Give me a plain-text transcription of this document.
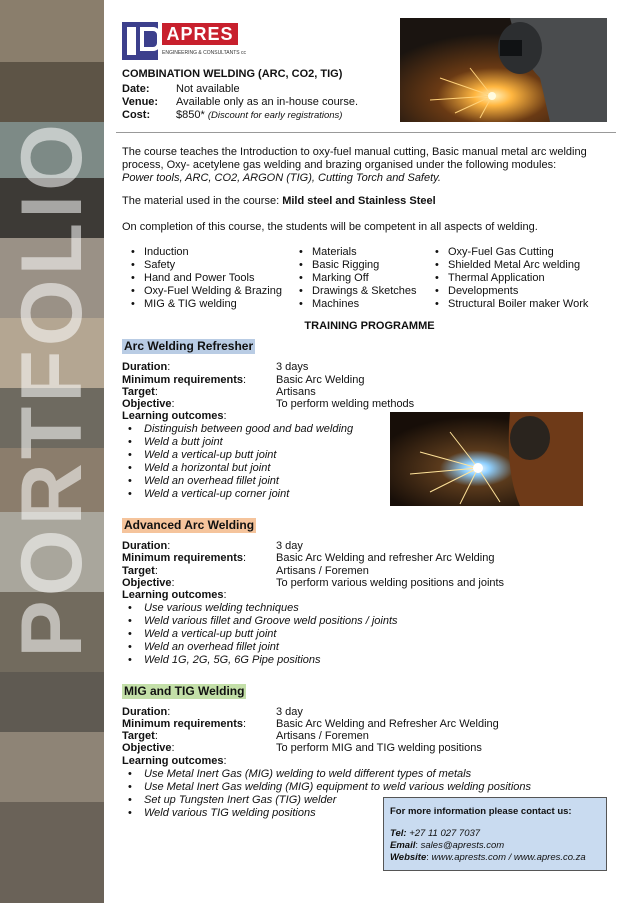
PORTFOLIO
APRES
ENGINEERING & CONSULTANTS cc
COMBINATION WELDING (ARC, CO2, TIG)
Date: Not available
Venue: Available only as an in-house course.
Cost: $850* (Discount for early registrations)
The course teaches the Introduction to oxy-fuel manual cutting, Basic manual metal arc welding process, Oxy- acetylene gas welding and brazing organised under the following modules:
Power tools, ARC, CO2, ARGON (TIG), Cutting Torch and Safety.
The material used in the course: Mild steel and Stainless Steel
On completion of this course, the students will be competent in all aspects of welding.
• Induction
• Safety
• Hand and Power Tools
• Oxy-Fuel Welding & Brazing
• MIG & TIG welding
• Materials
• Basic Rigging
• Marking Off
• Drawings & Sketches
• Machines
• Oxy-Fuel Gas Cutting
• Shielded Metal Arc welding
• Thermal Application
• Developments
• Structural Boiler maker Work
TRAINING PROGRAMME
Arc Welding Refresher
Duration:	3 days
Minimum requirements:	Basic Arc Welding
Target:	Artisans
Objective:	To perform welding methods
Learning outcomes:
• Distinguish between good and bad welding
• Weld a butt joint
• Weld a vertical-up butt joint
• Weld a horizontal but joint
• Weld an overhead fillet joint
• Weld a vertical-up corner joint
Advanced Arc Welding
Duration:	3 day
Minimum requirements:	Basic Arc Welding and refresher Arc Welding
Target:	Artisans / Foremen
Objective:	To perform various welding positions and joints
Learning outcomes:
• Use various welding techniques
• Weld various fillet and Groove weld positions / joints
• Weld a vertical-up butt joint
• Weld an overhead fillet joint
• Weld 1G, 2G, 5G, 6G Pipe positions
MIG and TIG Welding
Duration:	3 day
Minimum requirements:	Basic Arc Welding and Refresher Arc Welding
Target:	Artisans / Foremen
Objective:	To perform MIG and TIG welding positions
Learning outcomes:
• Use Metal Inert Gas (MIG) welding to weld different types of metals
• Use Metal Inert Gas welding (MIG) equipment to weld various welding positions
• Set up Tungsten Inert Gas (TIG) welder
• Weld various TIG welding positions	For more information please contact us:
Tel: +27 11 027 7037
Email: sales@aprests.com
Website: www.aprests.com / www.apres.co.za
